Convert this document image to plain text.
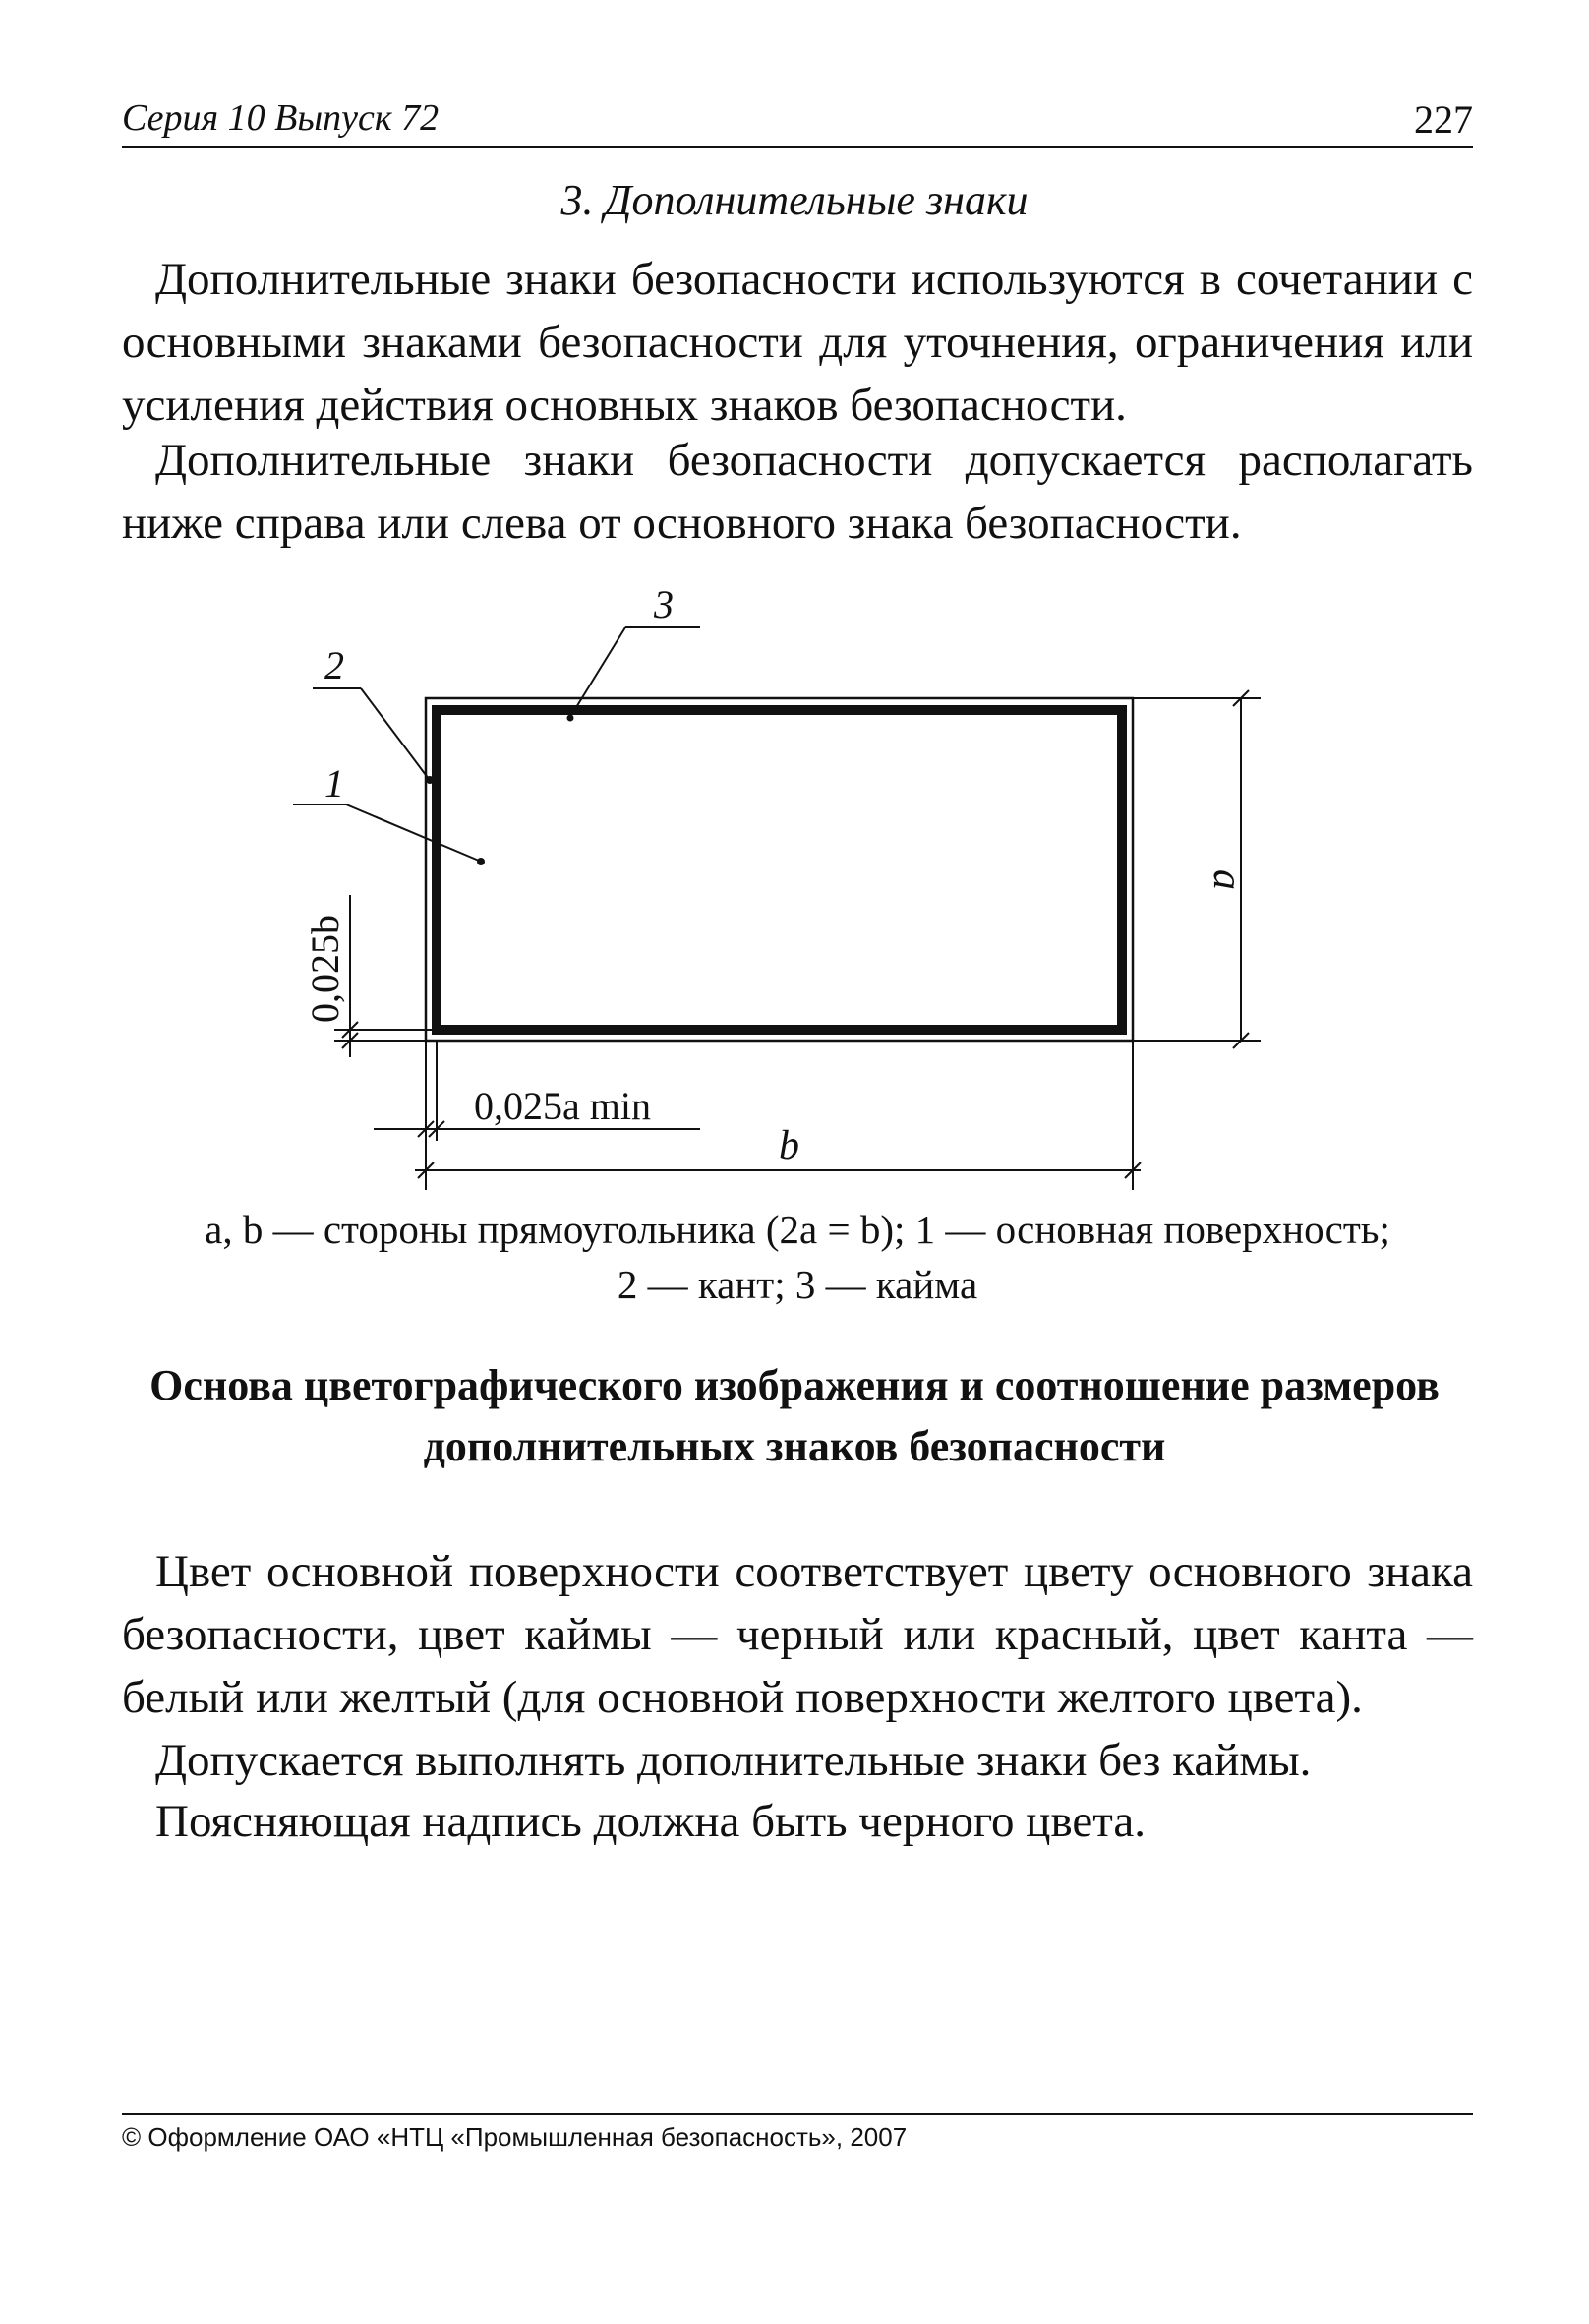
Серия 10 Выпуск 72	227
3. Дополнительные знаки

Дополнительные знаки безопасности используются в сочетании с основными знаками безопасности для уточнения, ограничения или усиления действия основных знаков безопасности.

Дополнительные знаки безопасности допускается располагать ниже справа или слева от основного знака безопасности.

3
2
1
a
b
0,025a min
0,025b
a, b — стороны прямоугольника (2a = b); 1 — основная поверхность;
2 — кант; 3 — кайма
Основа цветографического изображения и соотношение размеров
дополнительных знаков безопасности

Цвет основной поверхности соответствует цвету основного знака безопасности, цвет каймы — черный или красный, цвет канта — белый или желтый (для основной поверхности желтого цвета).

Допускается выполнять дополнительные знаки без каймы.

Поясняющая надпись должна быть черного цвета.

© Оформление ОАО «НТЦ «Промышленная безопасность», 2007
